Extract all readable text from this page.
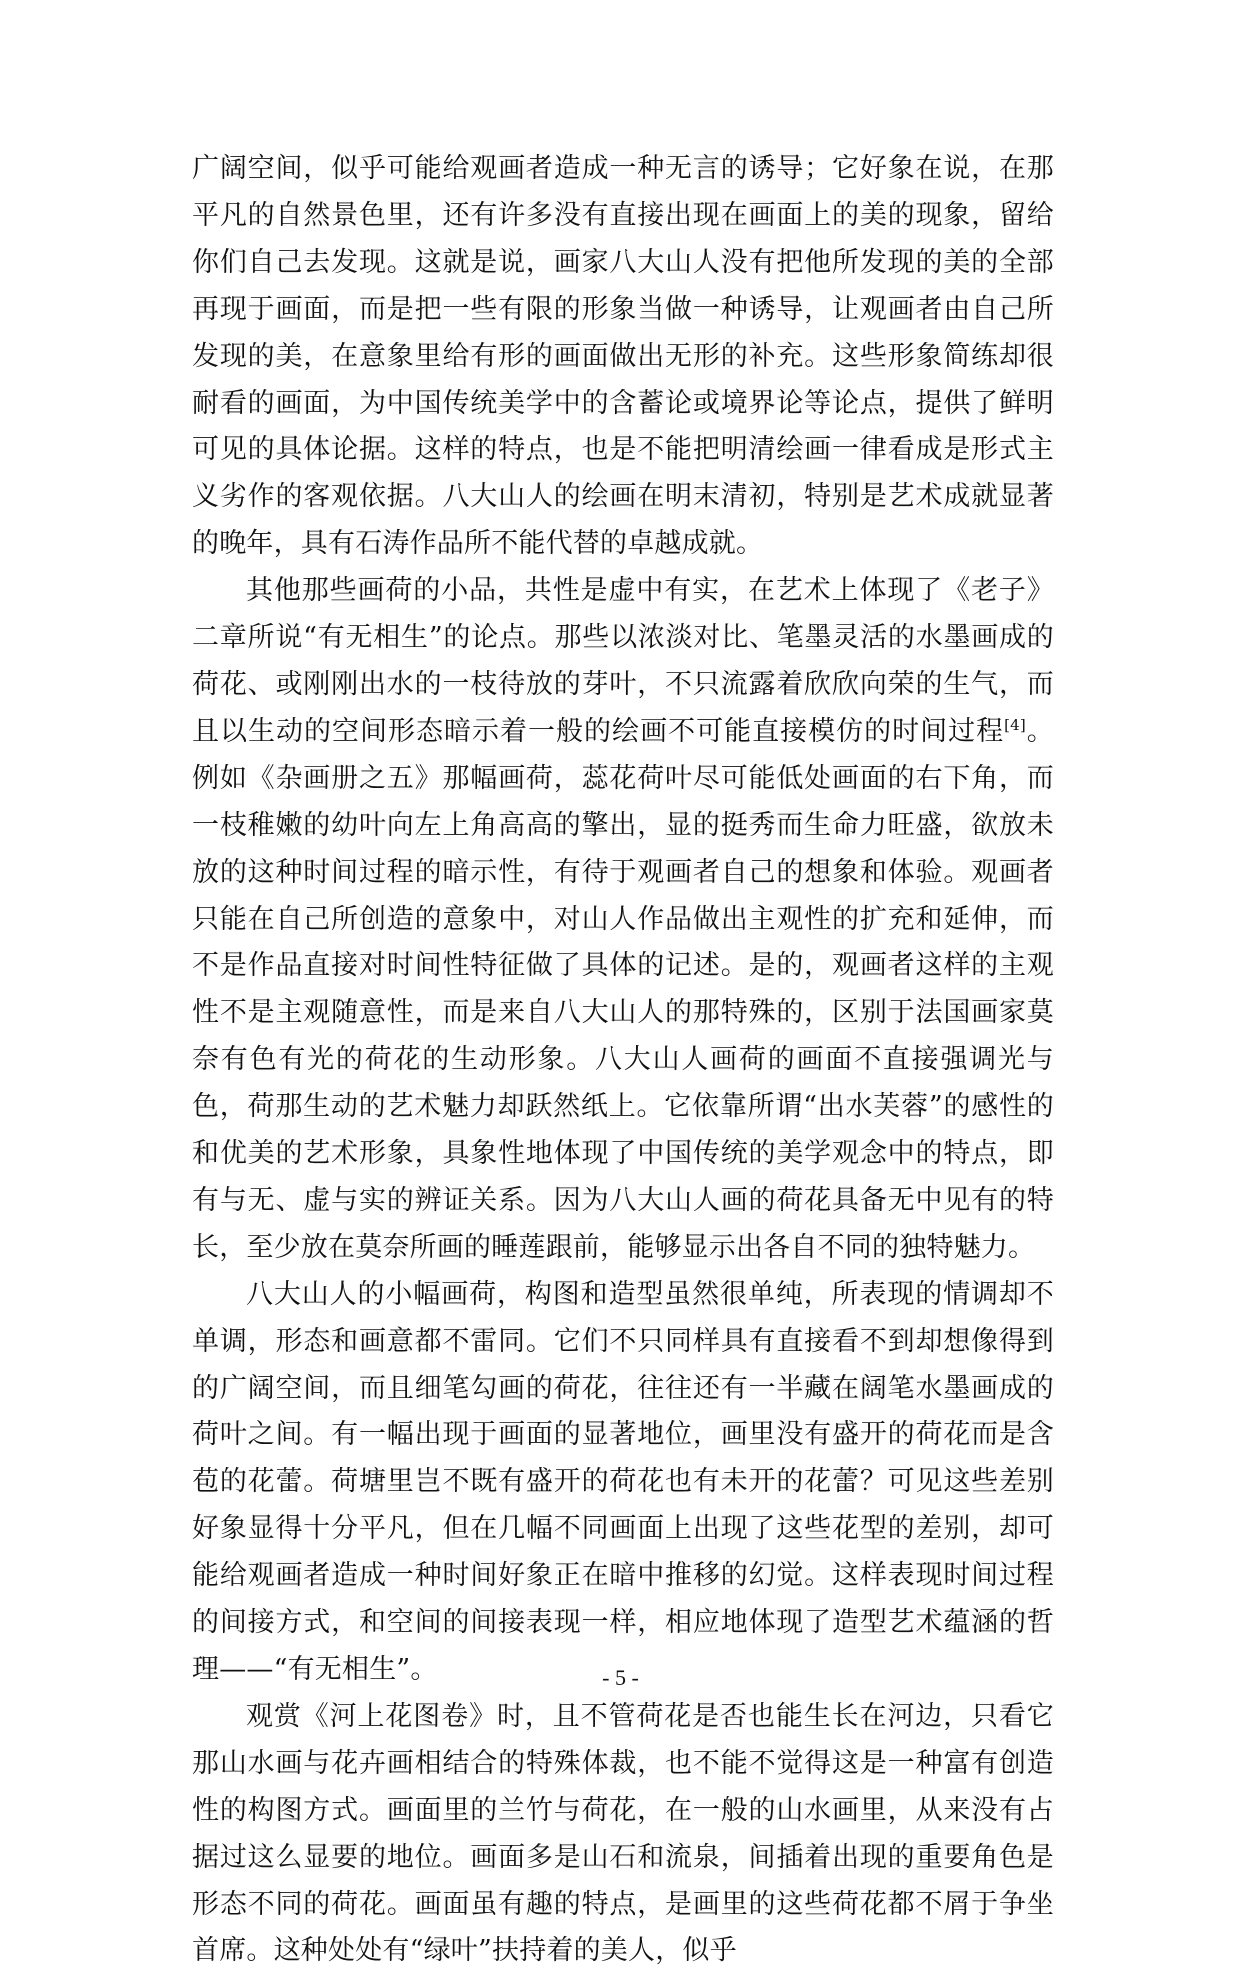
广阔空间，似乎可能给观画者造成一种无言的诱导；它好象在说，在那平凡的自然景色里，还有许多没有直接出现在画面上的美的现象，留给你们自己去发现。这就是说，画家八大山人没有把他所发现的美的全部再现于画面，而是把一些有限的形象当做一种诱导，让观画者由自己所发现的美，在意象里给有形的画面做出无形的补充。这些形象简练却很耐看的画面，为中国传统美学中的含蓄论或境界论等论点，提供了鲜明可见的具体论据。这样的特点，也是不能把明清绘画一律看成是形式主义劣作的客观依据。八大山人的绘画在明末清初，特别是艺术成就显著的晚年，具有石涛作品所不能代替的卓越成就。

其他那些画荷的小品，共性是虚中有实，在艺术上体现了《老子》二章所说“有无相生”的论点。那些以浓淡对比、笔墨灵活的水墨画成的荷花、或刚刚出水的一枝待放的芽叶，不只流露着欣欣向荣的生气，而且以生动的空间形态暗示着一般的绘画不可能直接模仿的时间过程[4]。例如《杂画册之五》那幅画荷，蕊花荷叶尽可能低处画面的右下角，而一枝稚嫩的幼叶向左上角高高的擎出，显的挺秀而生命力旺盛，欲放未放的这种时间过程的暗示性，有待于观画者自己的想象和体验。观画者只能在自己所创造的意象中，对山人作品做出主观性的扩充和延伸，而不是作品直接对时间性特征做了具体的记述。是的，观画者这样的主观性不是主观随意性，而是来自八大山人的那特殊的，区别于法国画家莫奈有色有光的荷花的生动形象。八大山人画荷的画面不直接强调光与色，荷那生动的艺术魅力却跃然纸上。它依靠所谓“出水芙蓉”的感性的和优美的艺术形象，具象性地体现了中国传统的美学观念中的特点，即有与无、虚与实的辨证关系。因为八大山人画的荷花具备无中见有的特长，至少放在莫奈所画的睡莲跟前，能够显示出各自不同的独特魅力。

八大山人的小幅画荷，构图和造型虽然很单纯，所表现的情调却不单调，形态和画意都不雷同。它们不只同样具有直接看不到却想像得到的广阔空间，而且细笔勾画的荷花，往往还有一半藏在阔笔水墨画成的荷叶之间。有一幅出现于画面的显著地位，画里没有盛开的荷花而是含苞的花蕾。荷塘里岂不既有盛开的荷花也有未开的花蕾？可见这些差别好象显得十分平凡，但在几幅不同画面上出现了这些花型的差别，却可能给观画者造成一种时间好象正在暗中推移的幻觉。这样表现时间过程的间接方式，和空间的间接表现一样，相应地体现了造型艺术蕴涵的哲理——“有无相生”。

观赏《河上花图卷》时，且不管荷花是否也能生长在河边，只看它那山水画与花卉画相结合的特殊体裁，也不能不觉得这是一种富有创造性的构图方式。画面里的兰竹与荷花，在一般的山水画里，从来没有占据过这么显要的地位。画面多是山石和流泉，间插着出现的重要角色是形态不同的荷花。画面虽有趣的特点，是画里的这些荷花都不屑于争坐首席。这种处处有“绿叶”扶持着的美人，似乎

- 5 -
